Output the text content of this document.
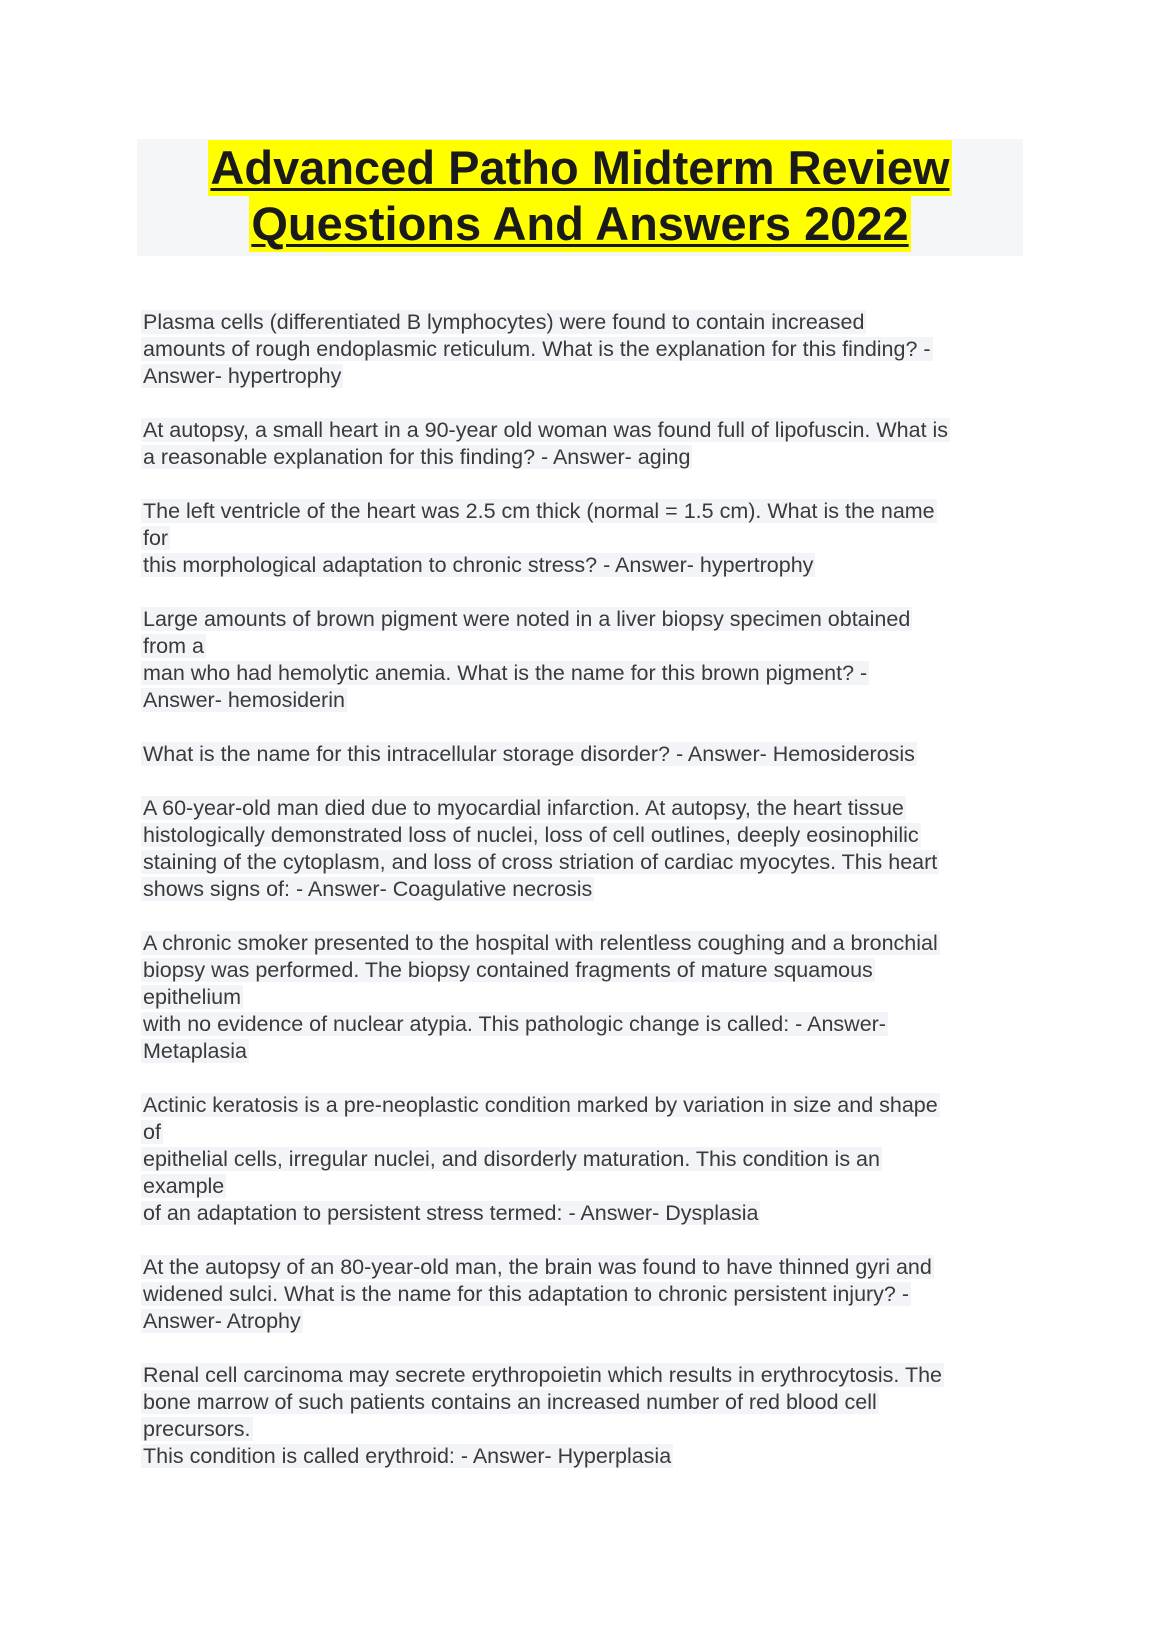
Advanced Patho Midterm Review
Questions And Answers 2022
Plasma cells (differentiated B lymphocytes) were found to contain increased
amounts of rough endoplasmic reticulum. What is the explanation for this finding? -
Answer- hypertrophy
At autopsy, a small heart in a 90-year old woman was found full of lipofuscin. What is
a reasonable explanation for this finding? - Answer- aging
The left ventricle of the heart was 2.5 cm thick (normal = 1.5 cm). What is the name
for
this morphological adaptation to chronic stress? - Answer- hypertrophy
Large amounts of brown pigment were noted in a liver biopsy specimen obtained
from a
man who had hemolytic anemia. What is the name for this brown pigment? -
Answer- hemosiderin
What is the name for this intracellular storage disorder? - Answer- Hemosiderosis
A 60-year-old man died due to myocardial infarction. At autopsy, the heart tissue
histologically demonstrated loss of nuclei, loss of cell outlines, deeply eosinophilic
staining of the cytoplasm, and loss of cross striation of cardiac myocytes. This heart
shows signs of: - Answer- Coagulative necrosis
A chronic smoker presented to the hospital with relentless coughing and a bronchial
biopsy was performed. The biopsy contained fragments of mature squamous
epithelium
with no evidence of nuclear atypia. This pathologic change is called: - Answer-
Metaplasia
Actinic keratosis is a pre-neoplastic condition marked by variation in size and shape
of
epithelial cells, irregular nuclei, and disorderly maturation. This condition is an
example
of an adaptation to persistent stress termed: - Answer- Dysplasia
At the autopsy of an 80-year-old man, the brain was found to have thinned gyri and
widened sulci. What is the name for this adaptation to chronic persistent injury? -
Answer- Atrophy
Renal cell carcinoma may secrete erythropoietin which results in erythrocytosis. The
bone marrow of such patients contains an increased number of red blood cell
precursors.
This condition is called erythroid: - Answer- Hyperplasia
